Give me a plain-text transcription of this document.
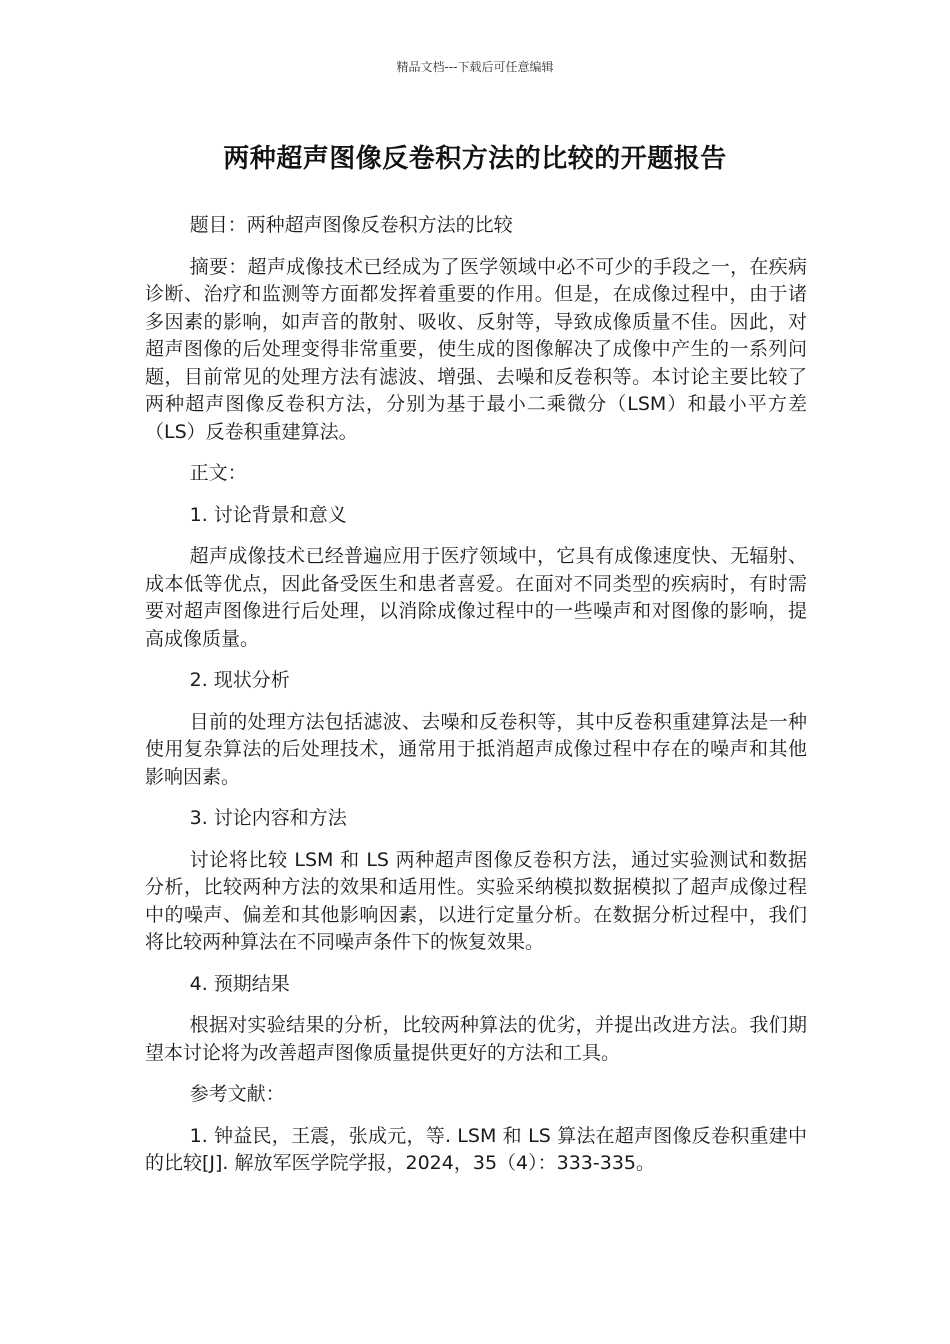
精品文档---下载后可任意编辑
两种超声图像反卷积方法的比较的开题报告

题目：两种超声图像反卷积方法的比较

摘要：超声成像技术已经成为了医学领域中必不可少的手段之一，在疾病诊断、治疗和监测等方面都发挥着重要的作用。但是，在成像过程中，由于诸多因素的影响，如声音的散射、吸收、反射等，导致成像质量不佳。因此，对超声图像的后处理变得非常重要，使生成的图像解决了成像中产生的一系列问题，目前常见的处理方法有滤波、增强、去噪和反卷积等。本讨论主要比较了两种超声图像反卷积方法，分别为基于最小二乘微分（LSM）和最小平方差（LS）反卷积重建算法。

正文：

1. 讨论背景和意义

超声成像技术已经普遍应用于医疗领域中，它具有成像速度快、无辐射、成本低等优点，因此备受医生和患者喜爱。在面对不同类型的疾病时，有时需要对超声图像进行后处理，以消除成像过程中的一些噪声和对图像的影响，提高成像质量。

2. 现状分析

目前的处理方法包括滤波、去噪和反卷积等，其中反卷积重建算法是一种使用复杂算法的后处理技术，通常用于抵消超声成像过程中存在的噪声和其他影响因素。

3. 讨论内容和方法

讨论将比较 LSM 和 LS 两种超声图像反卷积方法，通过实验测试和数据分析，比较两种方法的效果和适用性。实验采纳模拟数据模拟了超声成像过程中的噪声、偏差和其他影响因素，以进行定量分析。在数据分析过程中，我们将比较两种算法在不同噪声条件下的恢复效果。

4. 预期结果

根据对实验结果的分析，比较两种算法的优劣，并提出改进方法。我们期望本讨论将为改善超声图像质量提供更好的方法和工具。

参考文献：

1. 钟益民，王震，张成元，等. LSM 和 LS 算法在超声图像反卷积重建中的比较[J]. 解放军医学院学报，2024，35（4）：333-335。
